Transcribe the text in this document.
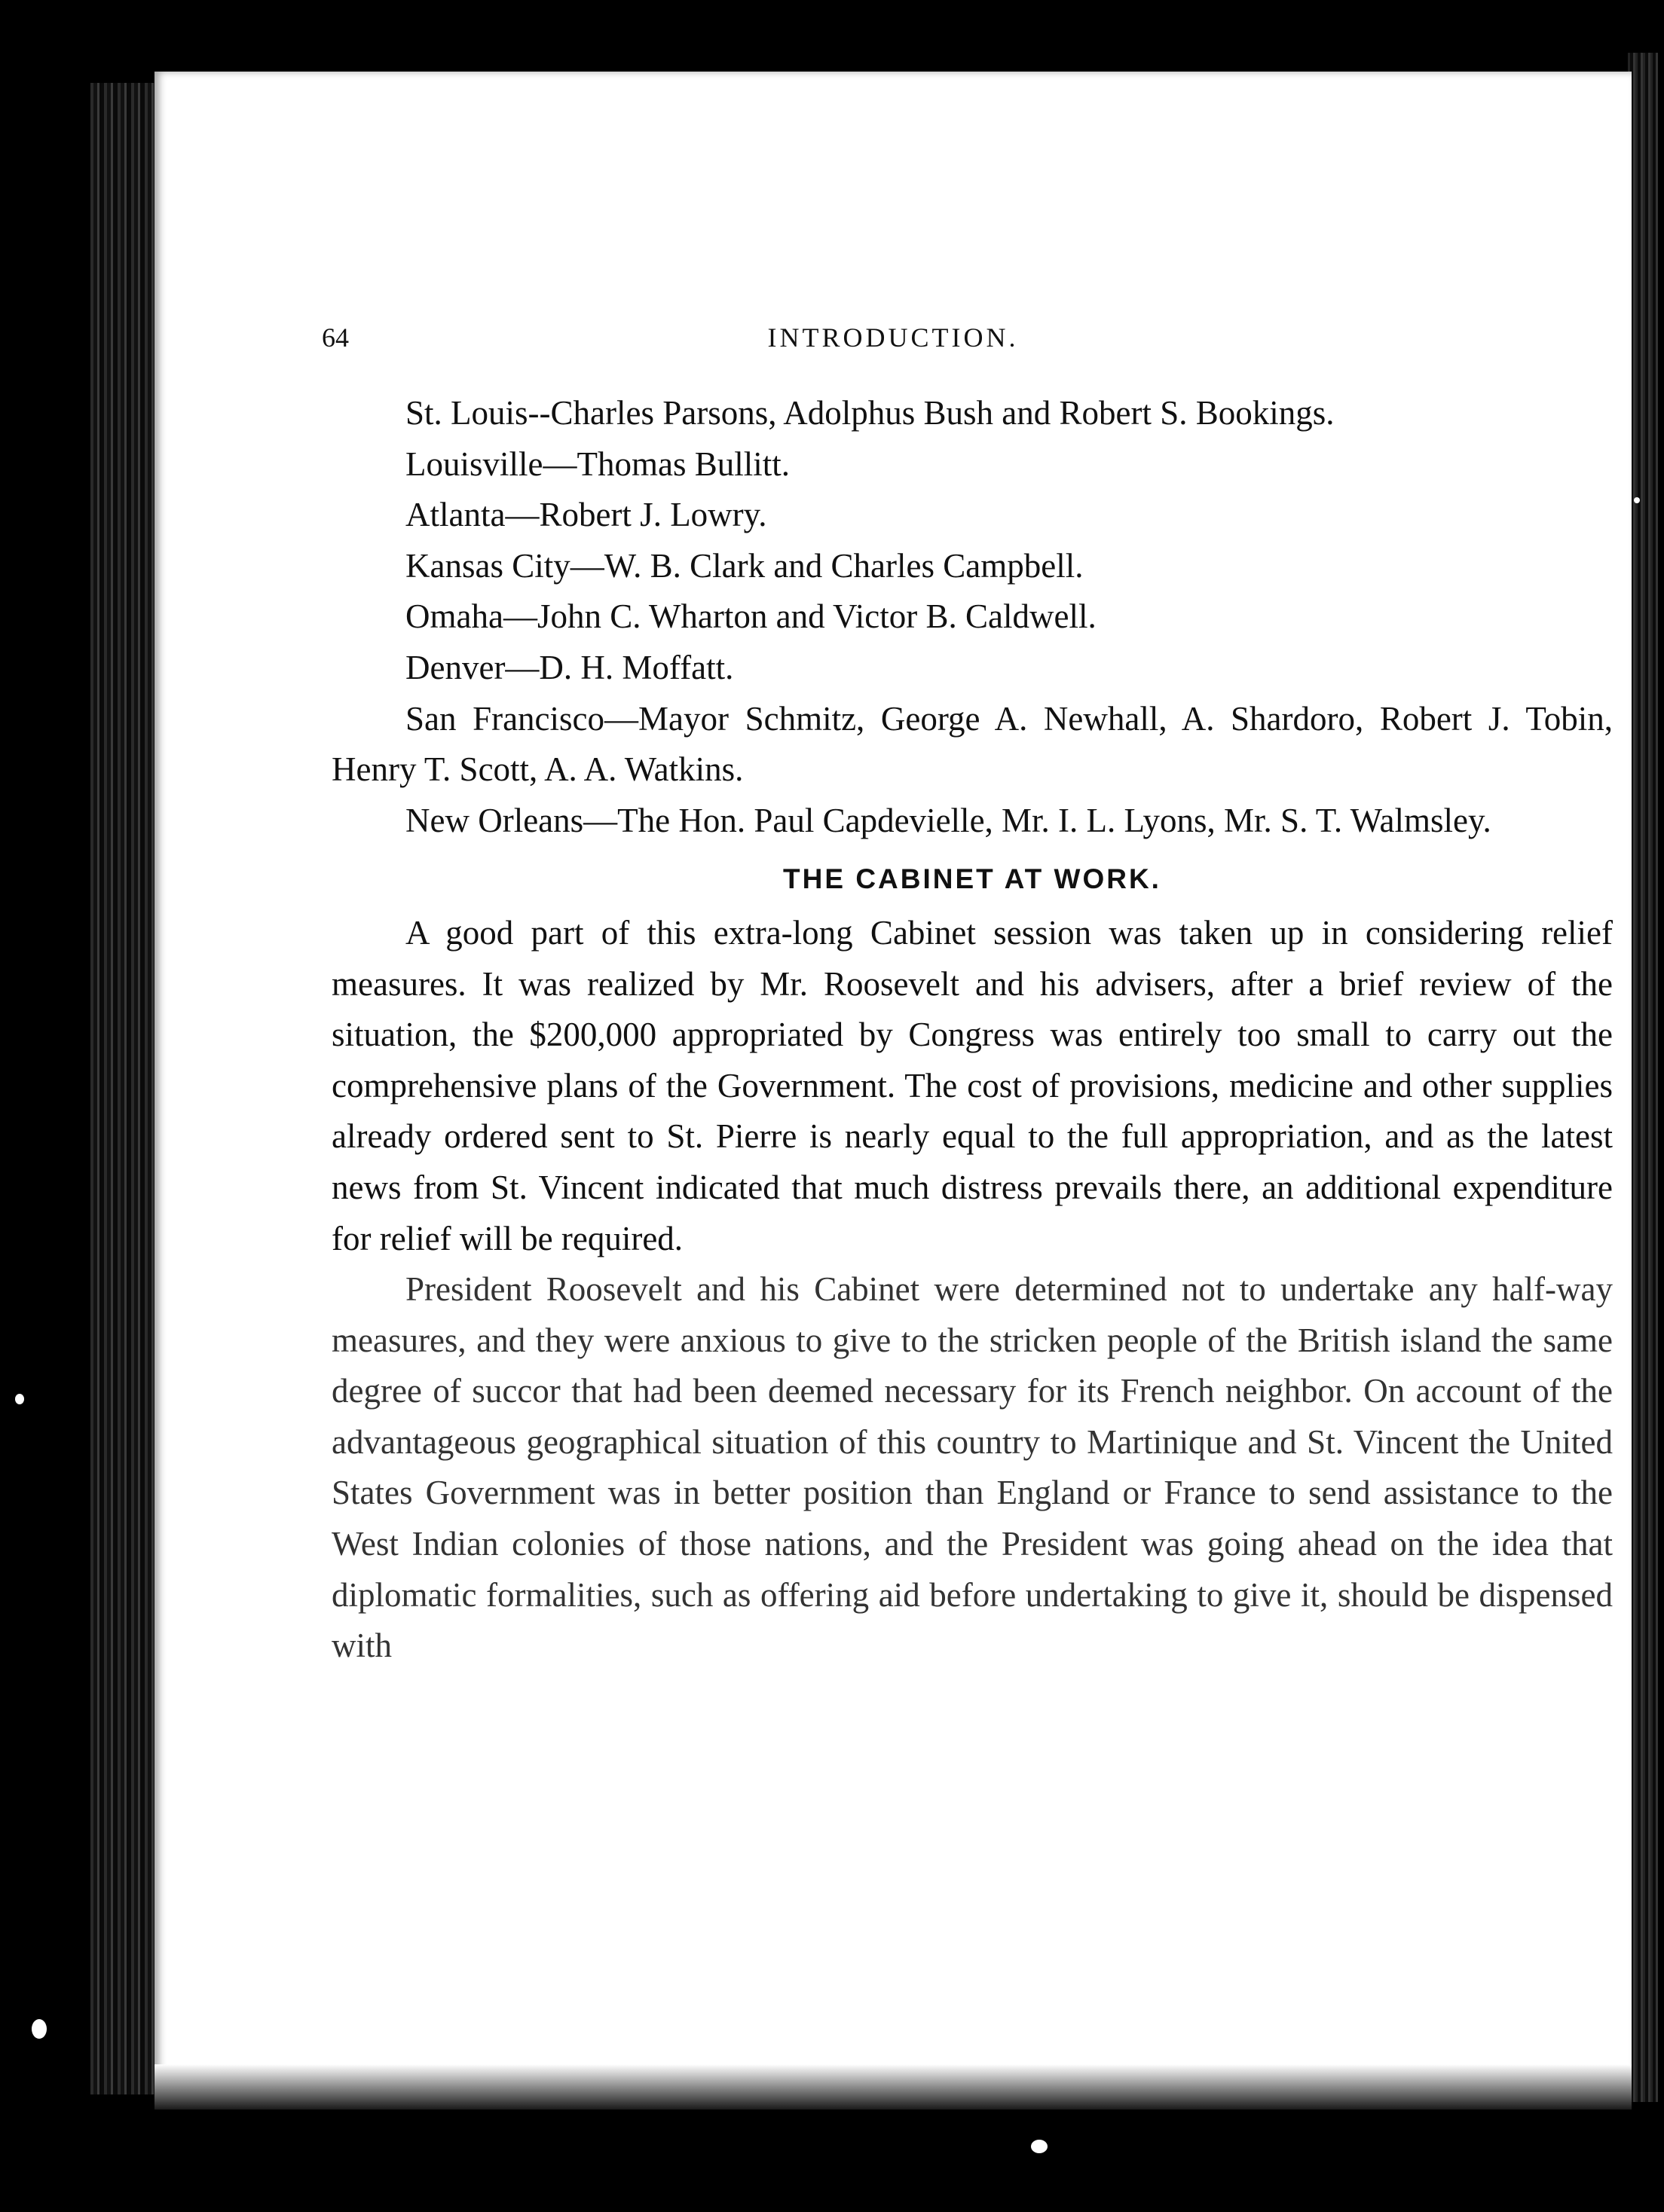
64	INTRODUCTION.

St. Louis--Charles Parsons, Adolphus Bush and Robert S. Bookings.

Louisville—Thomas Bullitt.

Atlanta—Robert J. Lowry.

Kansas City—W. B. Clark and Charles Campbell.

Omaha—John C. Wharton and Victor B. Caldwell.

Denver—D. H. Moffatt.

San Francisco—Mayor Schmitz, George A. Newhall, A. Shardoro, Robert J. Tobin, Henry T. Scott, A. A. Watkins.

New Orleans—The Hon. Paul Capdevielle, Mr. I. L. Lyons, Mr. S. T. Walmsley.

THE CABINET AT WORK.

A good part of this extra-long Cabinet session was taken up in considering relief measures. It was realized by Mr. Roosevelt and his advisers, after a brief review of the situation, the $200,000 appropriated by Congress was entirely too small to carry out the comprehensive plans of the Government. The cost of provisions, medicine and other supplies already ordered sent to St. Pierre is nearly equal to the full appropriation, and as the latest news from St. Vincent indicated that much distress prevails there, an additional expenditure for relief will be required.

President Roosevelt and his Cabinet were determined not to undertake any half-way measures, and they were anxious to give to the stricken people of the British island the same degree of succor that had been deemed necessary for its French neighbor. On account of the advantageous geographical situation of this country to Martinique and St. Vincent the United States Government was in better position than England or France to send assistance to the West Indian colonies of those nations, and the President was going ahead on the idea that diplomatic formalities, such as offering aid before undertaking to give it, should be dispensed with
